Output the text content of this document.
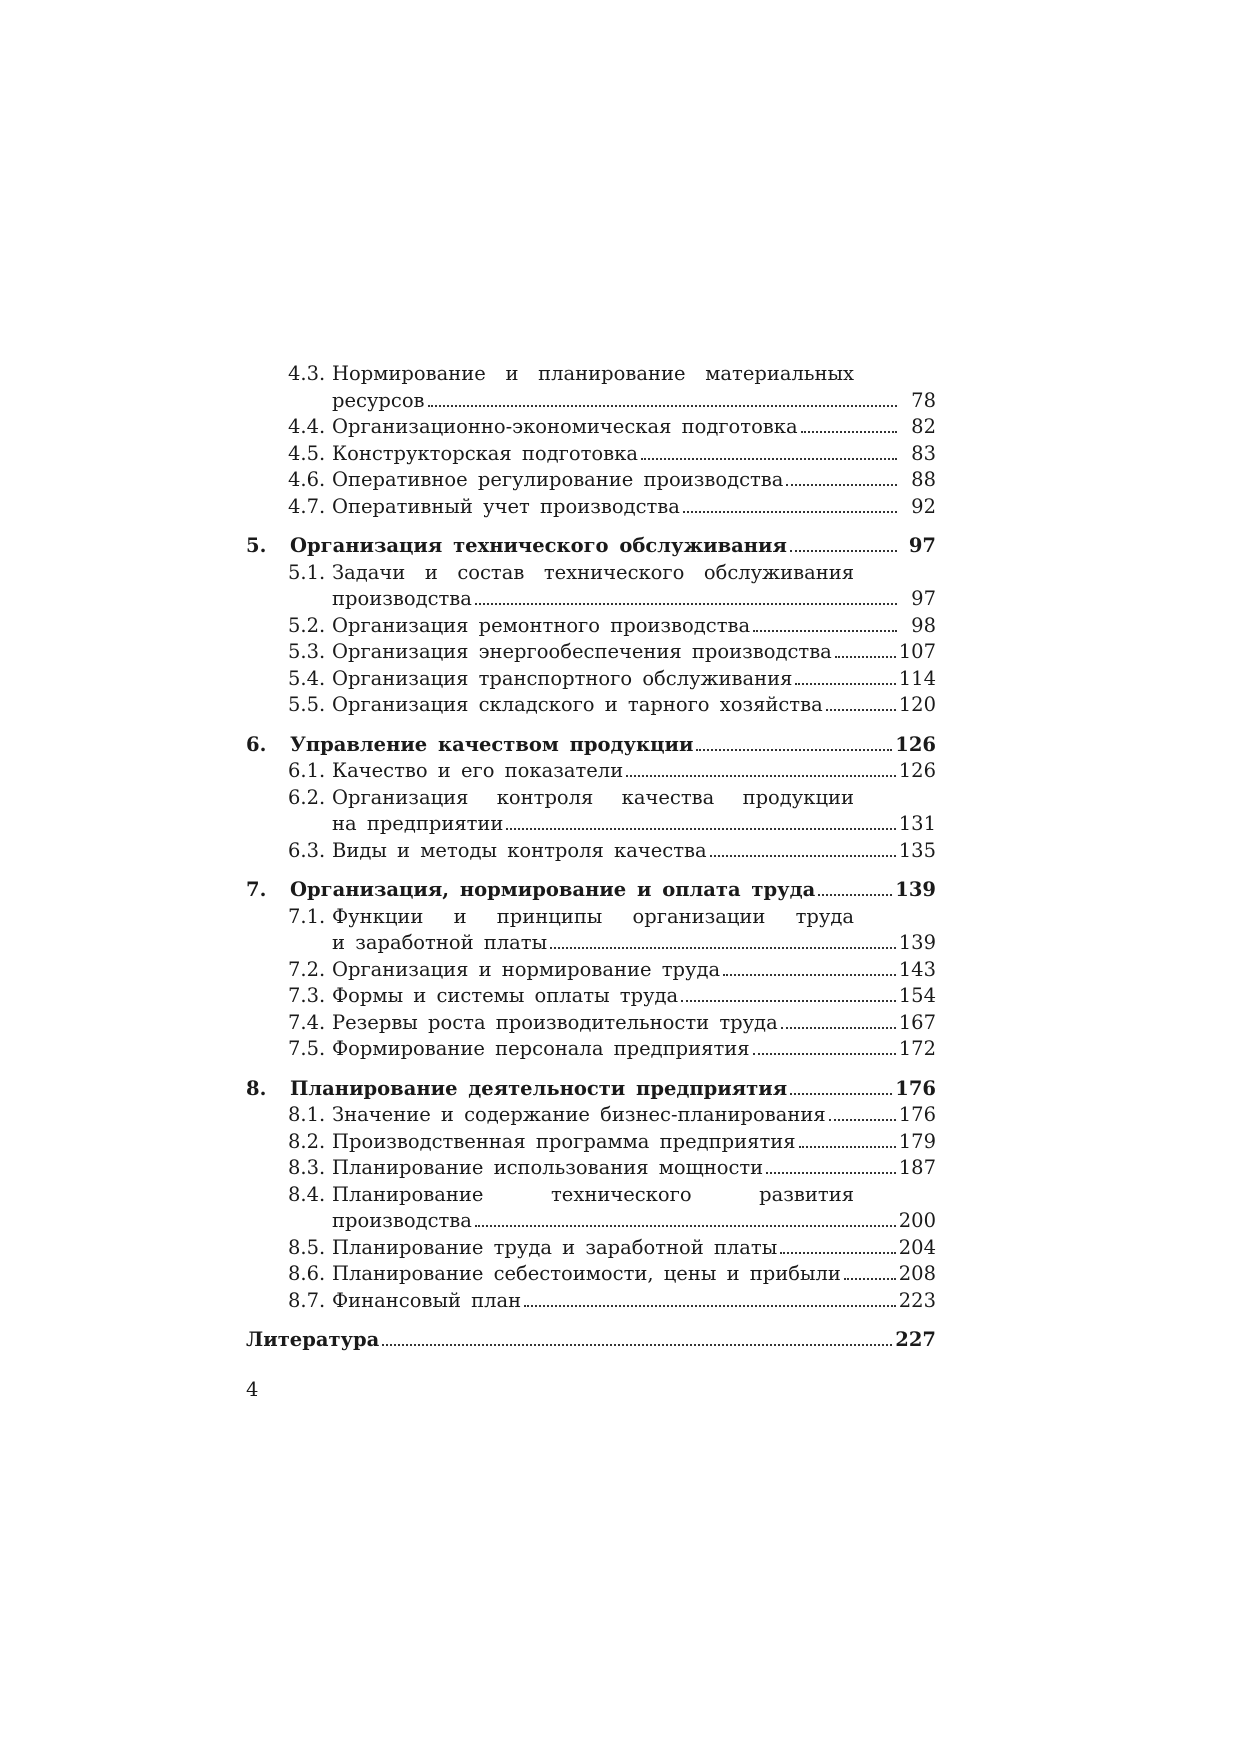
4.3. Нормирование и планирование материальных
ресурсов	78
4.4. Организационно-экономическая подготовка	82
4.5. Конструкторская подготовка	83
4.6. Оперативное регулирование производства	88
4.7. Оперативный учет производства	92
5.	Организация технического обслуживания	97
5.1. Задачи и состав технического обслуживания
производства	97
5.2. Организация ремонтного производства	98
5.3. Организация энергообеспечения производства	107
5.4. Организация транспортного обслуживания	114
5.5. Организация складского и тарного хозяйства	120
6.	Управление качеством продукции	126
6.1. Качество и его показатели	126
6.2. Организация контроля качества продукции
на предприятии	131
6.3. Виды и методы контроля качества	135
7.	Организация, нормирование и оплата труда	139
7.1. Функции и принципы организации труда
и заработной платы	139
7.2. Организация и нормирование труда	143
7.3. Формы и системы оплаты труда	154
7.4. Резервы роста производительности труда	167
7.5. Формирование персонала предприятия	172
8.	Планирование деятельности предприятия	176
8.1. Значение и содержание бизнес-планирования	176
8.2. Производственная программа предприятия	179
8.3. Планирование использования мощности	187
8.4. Планирование технического развития
производства	200
8.5. Планирование труда и заработной платы	204
8.6. Планирование себестоимости, цены и прибыли	208
8.7. Финансовый план	223
Литература	227
4
